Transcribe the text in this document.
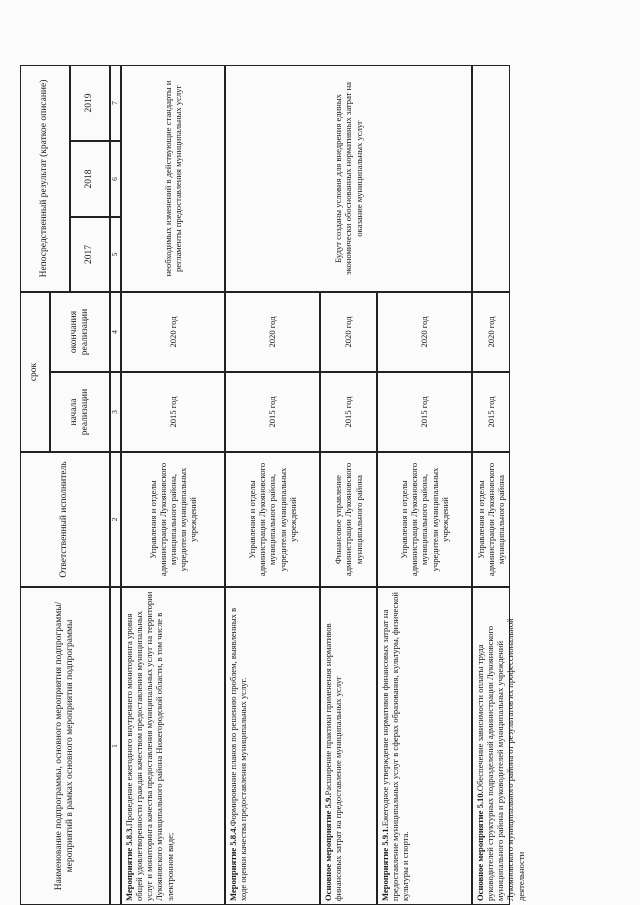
Наименование подпрограммы, основного мероприятия подпрограммы/мероприятий в рамках основного мероприятия подпрограммы
Ответственный исполнитель
срок
начала реализации
окончания реализации
Непосредственный результат (краткое описание)	2017
2018
2019
1
2
3
4
5
6
7
Мероприятие 5.8.3.Проведение ежегодного внутреннего мониторинга уровня общей удовлетворенности граждан качеством предоставления муниципальных услуг и мониторинга качества предоставления муниципальных услуг на территории Лукояновского муниципального района Нижегородской области, в том числе в электронном виде;
Управления и отделы администрации Лукояновского муниципального района, учредители муниципальных учреждений
2015 год
2020 год
Мероприятие 5.8.4.Формирование планов по решению проблем, выявленных в ходе оценки качества предоставления муниципальных услуг.
Управления и отделы администрации Лукояновского муниципального района, учредители муниципальных учреждений
2015 год
2020 год
Основное мероприятие 5.9.Расширение практики применения нормативов финансовых затрат на предоставление муниципальных услуг
Финансовое управление администрации Лукояновского муниципального района
2015 год
2020 год
Мероприятие 5.9.1.Ежегодное утверждение нормативов финансовых затрат на предоставление муниципальных услуг в сферах образования, культуры, физической культуры и спорта.
Управления и отделы администрации Лукояновского муниципального района, учредители муниципальных учреждений
2015 год
2020 год
Основное мероприятие 5.10.Обеспечение зависимости оплаты труда руководителей структурных подразделений администрации Лукояновского муниципального района и руководителей муниципальных учреждений Лукояновского муниципального района от результатов их профессиональной деятельности
Управления и отделы администрации Лукояновского муниципального района
2015 год
2020 год
необходимых изменений в действующие стандарты и регламенты предоставления муниципальных услуг	Будут созданы условия для внедрения единых экономически обоснованных нормативных затрат на оказание муниципальных услуг
